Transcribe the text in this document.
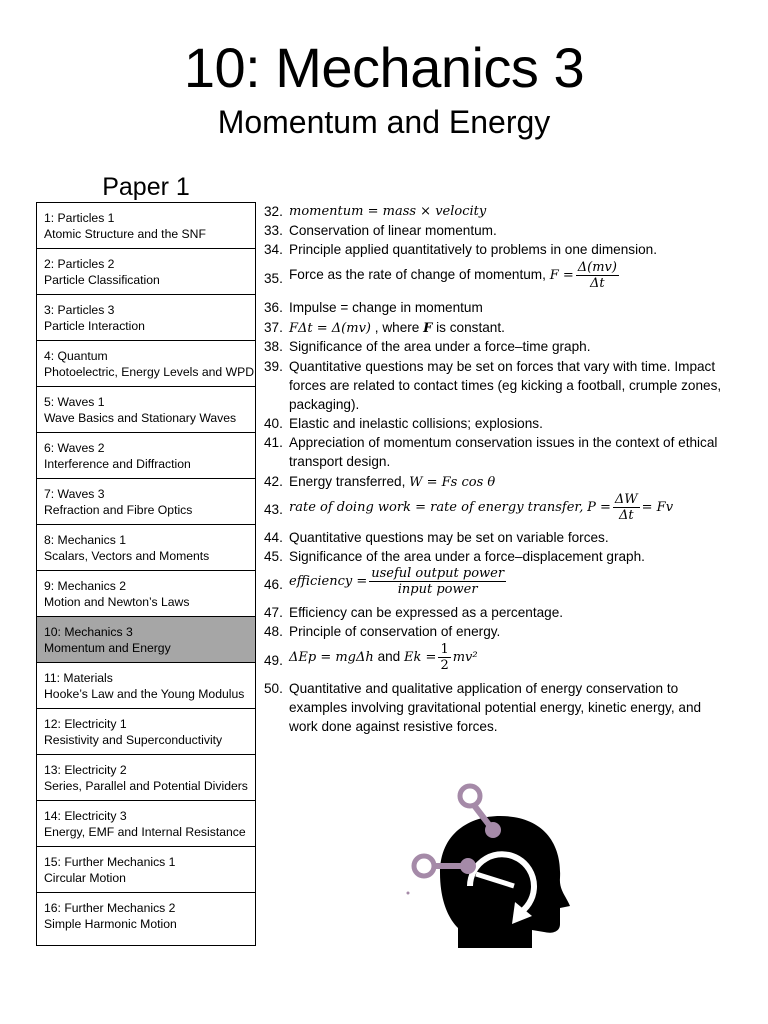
10: Mechanics 3
Momentum and Energy
Paper 1
1: Particles 1
Atomic Structure and the SNF
2: Particles 2
Particle Classification
3: Particles 3
Particle Interaction
4: Quantum
Photoelectric, Energy Levels and WPD
5: Waves 1
Wave Basics and Stationary Waves
6: Waves 2
Interference and Diffraction
7: Waves 3
Refraction and Fibre Optics
8: Mechanics 1
Scalars, Vectors and Moments
9: Mechanics 2
Motion and Newton’s Laws
10: Mechanics 3
Momentum and Energy
11: Materials
Hooke’s Law and the Young Modulus
12: Electricity 1
Resistivity and Superconductivity
13: Electricity 2
Series, Parallel and Potential Dividers
14: Electricity 3
Energy, EMF and Internal Resistance
15: Further Mechanics 1
Circular Motion
16: Further Mechanics 2
Simple Harmonic Motion
32. momentum = mass × velocity
33. Conservation of linear momentum.
34. Principle applied quantitatively to problems in one dimension.
35. Force as the rate of change of momentum, $F = \frac{\Delta(mv)}{\Delta t}$
36. Impulse = change in momentum
37. FΔt = Δ(mv) , where F is constant.
38. Significance of the area under a force–time graph.
39. Quantitative questions may be set on forces that vary with time. Impact forces are related to contact times (eg kicking a football, crumple zones, packaging).
40. Elastic and inelastic collisions; explosions.
41. Appreciation of momentum conservation issues in the context of ethical transport design.
42. Energy transferred, W = Fs cos θ
43. rate of doing work = rate of energy transfer, $P = \frac{\Delta W}{\Delta t} = Fv$
44. Quantitative questions may be set on variable forces.
45. Significance of the area under a force–displacement graph.
46. efficiency = $\frac{\text{useful output power}}{\text{input power}}$
47. Efficiency can be expressed as a percentage.
48. Principle of conservation of energy.
49. ΔEp = mgΔh and $Ek = \frac{1}{2} mv^2$
50. Quantitative and qualitative application of energy conservation to examples involving gravitational potential energy, kinetic energy, and work done against resistive forces.
